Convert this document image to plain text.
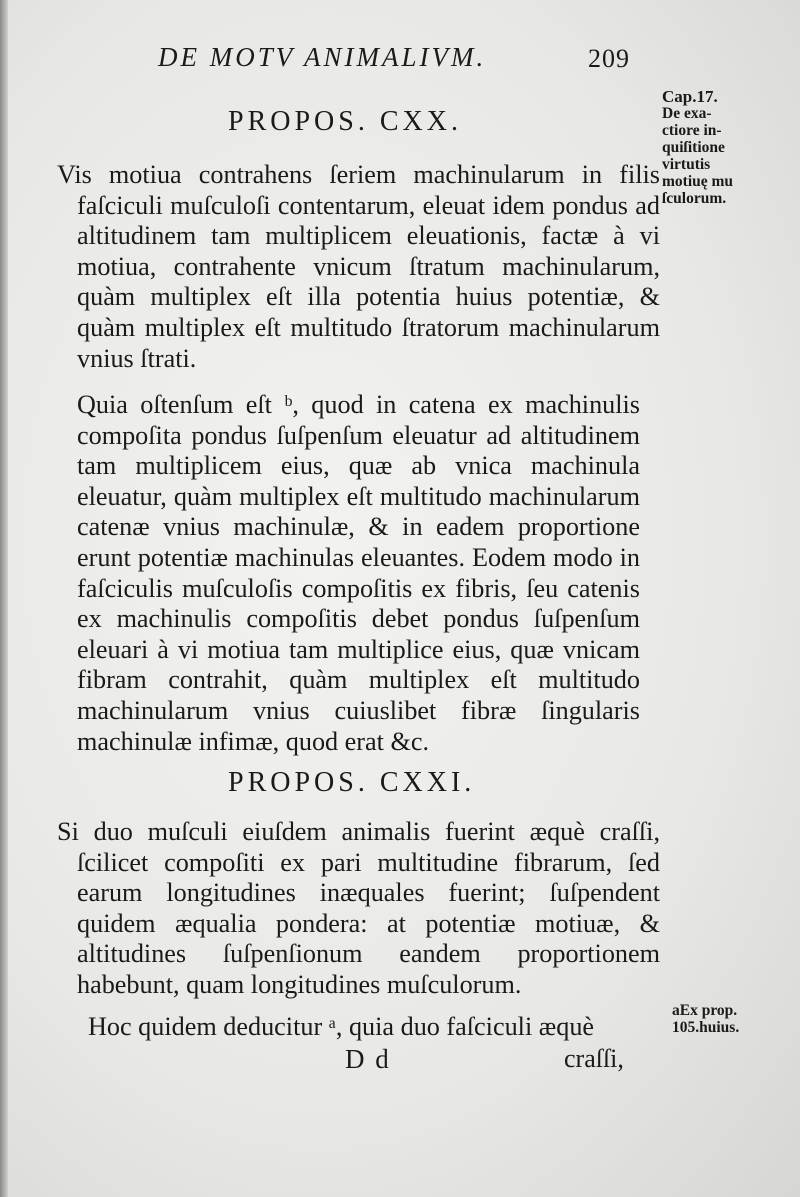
DE MOTV ANIMALIVM.	209
PROPOS. CXX.

Vis motiua contrahens ſeriem machinularum in filis faſciculi muſculoſi contentarum, eleuat idem pondus ad altitudinem tam multiplicem eleuationis, factæ à vi motiua, contrahente vnicum ſtratum machinularum, quàm multiplex eſt illa potentia huius potentiæ, & quàm multiplex eſt multitudo ſtratorum machinularum vnius ſtrati.

Quia oſtenſum eſt ᵇ, quod in catena ex machinulis compoſita pondus ſuſpenſum eleuatur ad altitudinem tam multiplicem eius, quæ ab vnica machinula eleuatur, quàm multiplex eſt multitudo machinularum catenæ vnius machinulæ, & in eadem proportione erunt potentiæ machinulas eleuantes. Eodem modo in faſciculis muſculoſis compoſitis ex fibris, ſeu catenis ex machinulis compoſitis debet pondus ſuſpenſum eleuari à vi motiua tam multiplice eius, quæ vnicam fibram contrahit, quàm multiplex eſt multitudo machinularum vnius cuiuslibet fibræ ſingularis machinulæ infimæ, quod erat &c.

PROPOS. CXXI.

Si duo muſculi eiuſdem animalis fuerint æquè craſſi, ſcilicet compoſiti ex pari multitudine fibrarum, ſed earum longitudines inæquales fuerint; ſuſpendent quidem æqualia pondera: at potentiæ motiuæ, & altitudines ſuſpenſionum eandem proportionem habebunt, quam longitudines muſculorum.

Hoc quidem deducitur ᵃ, quia duo faſciculi æquè

Cap.17.
De exa-
ctiore in-
quiſitione
virtutis
motiuę mu
ſculorum.
aEx prop.
105.huius.
D d	craſſi,
